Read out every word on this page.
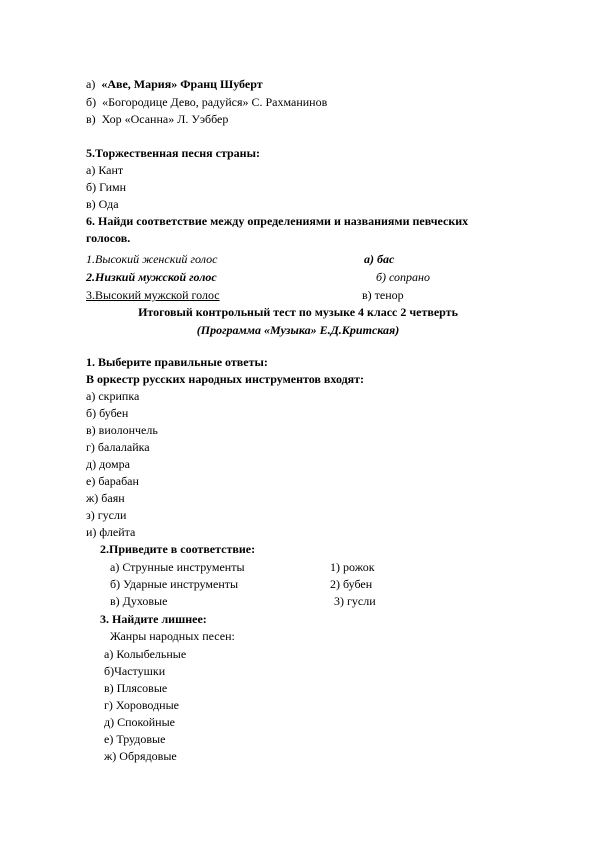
а) «Аве, Мария» Франц Шуберт
б) «Богородице Дево, радуйся» С. Рахманинов
в) Хор «Осанна» Л. Уэббер
5.Торжественная песня страны:
а) Кант
б) Гимн
в) Ода
6. Найди соответствие между определениями и названиями певческих
голосов.
1.Высокий женский голос	а) бас
2.Низкий мужской голос	б) сопрано
3.Высокий мужской голос	в) тенор
Итоговый контрольный тест по музыке 4 класс 2 четверть
(Программа «Музыка» Е.Д.Критская)
1. Выберите правильные ответы:
В оркестр русских народных инструментов входят:
а) скрипка
б) бубен
в) виолончель
г) балалайка
д) домра
е) барабан
ж) баян
з) гусли
и) флейта
2.Приведите в соответствие:
а) Струнные инструменты	1) рожок
б) Ударные инструменты	2) бубен
в) Духовые	3) гусли
3. Найдите лишнее:
Жанры народных песен:
а) Колыбельные
б)Частушки
в) Плясовые
г) Хороводные
д) Спокойные
е) Трудовые
ж) Обрядовые
